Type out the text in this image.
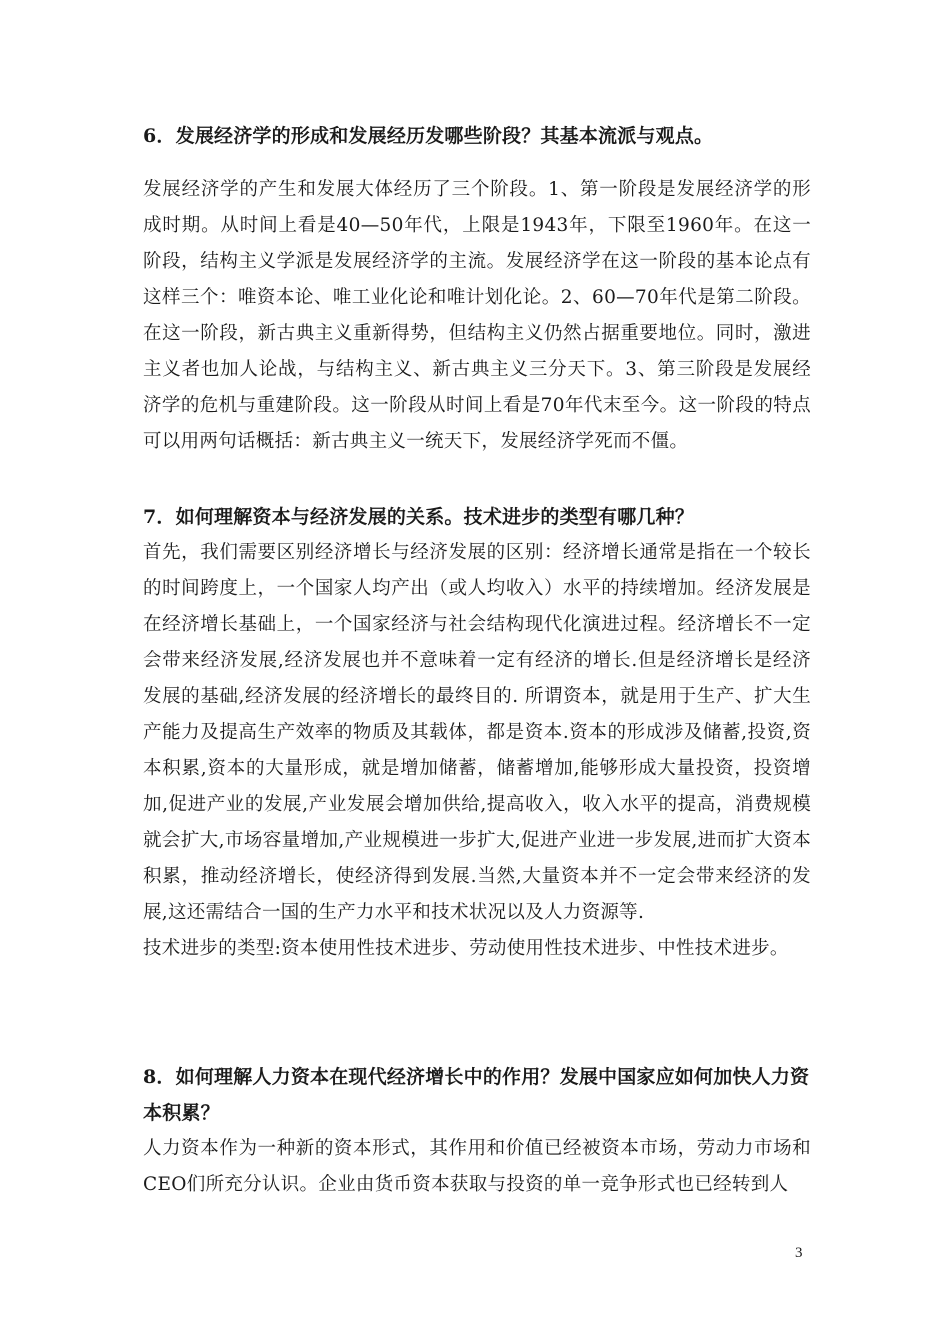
6．发展经济学的形成和发展经历发哪些阶段？其基本流派与观点。

发展经济学的产生和发展大体经历了三个阶段。1、第一阶段是发展经济学的形成时期。从时间上看是40—50年代，上限是1943年，下限至1960年。在这一阶段，结构主义学派是发展经济学的主流。发展经济学在这一阶段的基本论点有这样三个：唯资本论、唯工业化论和唯计划化论。2、60—70年代是第二阶段。在这一阶段，新古典主义重新得势，但结构主义仍然占据重要地位。同时，激进主义者也加人论战，与结构主义、新古典主义三分天下。3、第三阶段是发展经济学的危机与重建阶段。这一阶段从时间上看是70年代末至今。这一阶段的特点可以用两句话概括：新古典主义一统天下，发展经济学死而不僵。

7．如何理解资本与经济发展的关系。技术进步的类型有哪几种？

首先，我们需要区别经济增长与经济发展的区别：经济增长通常是指在一个较长的时间跨度上，一个国家人均产出（或人均收入）水平的持续增加。经济发展是在经济增长基础上，一个国家经济与社会结构现代化演进过程。经济增长不一定会带来经济发展,经济发展也并不意味着一定有经济的增长.但是经济增长是经济发展的基础,经济发展的经济增长的最终目的. 所谓资本，就是用于生产、扩大生产能力及提高生产效率的物质及其载体，都是资本.资本的形成涉及储蓄,投资,资本积累,资本的大量形成，就是增加储蓄，储蓄增加,能够形成大量投资，投资增加,促进产业的发展,产业发展会增加供给,提高收入，收入水平的提高，消费规模就会扩大,市场容量增加,产业规模进一步扩大,促进产业进一步发展,进而扩大资本积累，推动经济增长，使经济得到发展.当然,大量资本并不一定会带来经济的发展,这还需结合一国的生产力水平和技术状况以及人力资源等.

技术进步的类型:资本使用性技术进步、劳动使用性技术进步、中性技术进步。

8．如何理解人力资本在现代经济增长中的作用？发展中国家应如何加快人力资本积累？

人力资本作为一种新的资本形式，其作用和价值已经被资本市场，劳动力市场和CEO们所充分认识。企业由货币资本获取与投资的单一竞争形式也已经转到人

3
